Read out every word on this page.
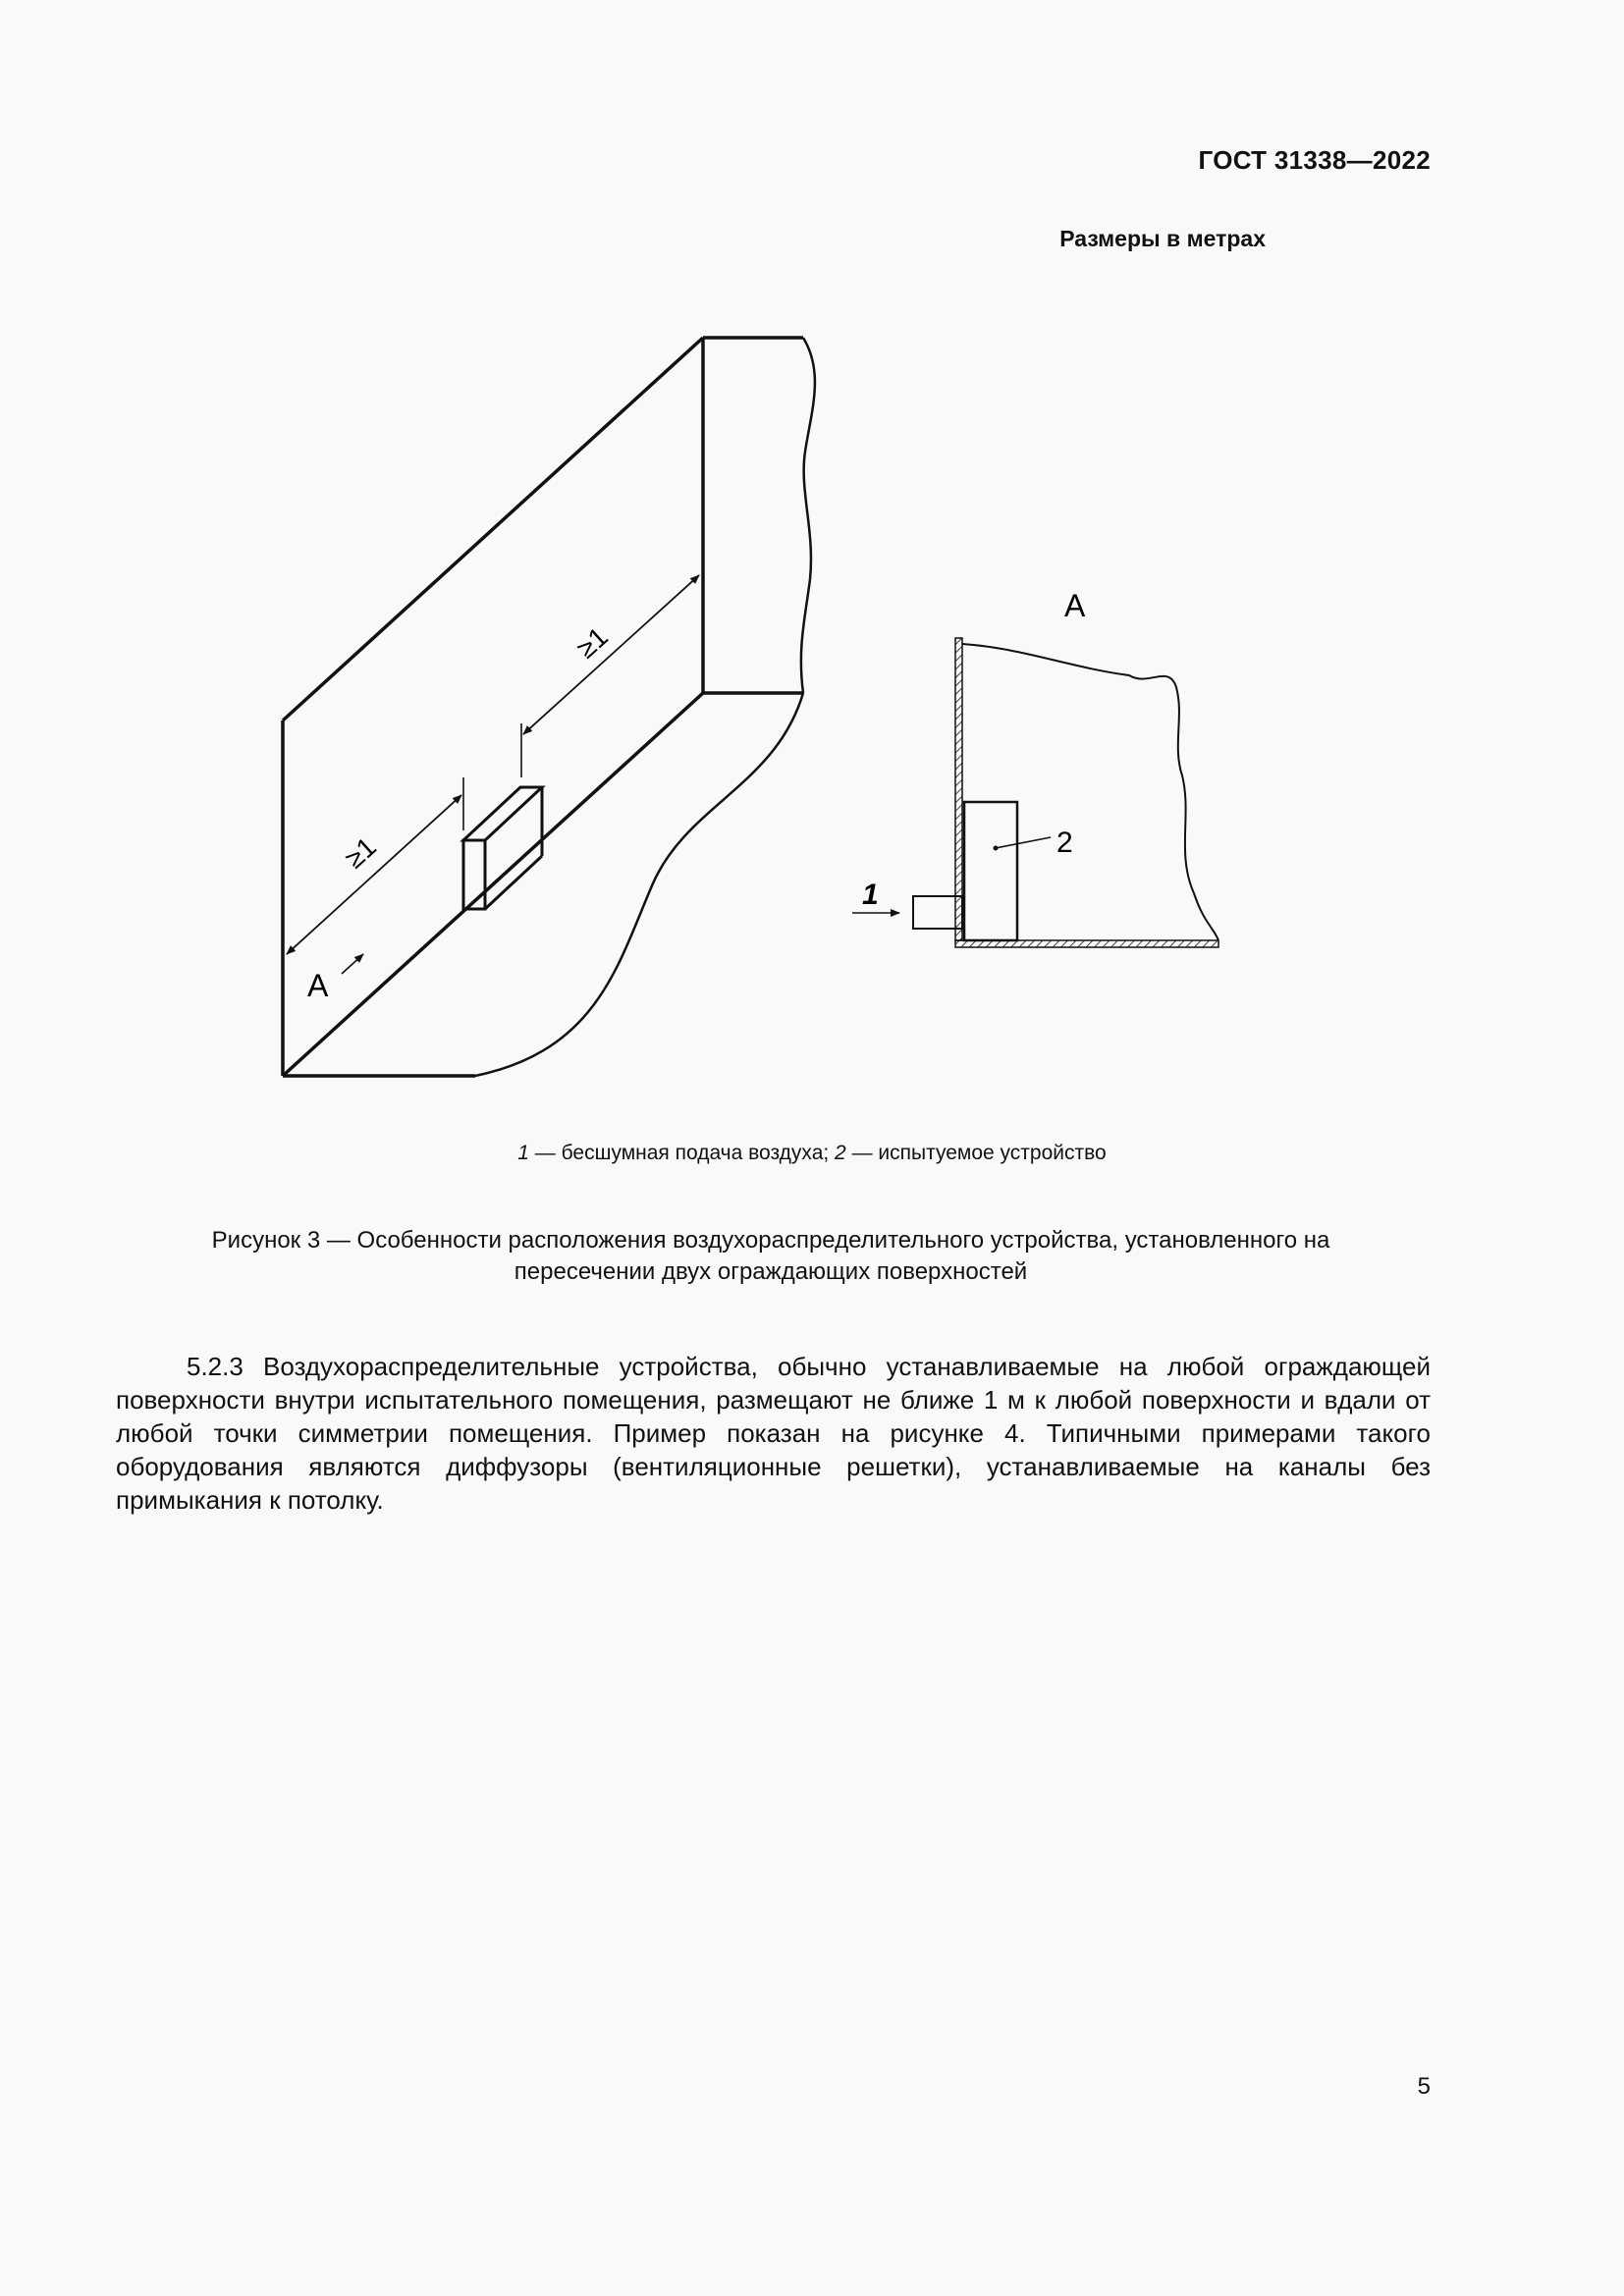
ГОСТ 31338—2022
Размеры в метрах
≥1
≥1
А
А
1
2
1 — бесшумная подача воздуха; 2 — испытуемое устройство
Рисунок 3 — Особенности расположения воздухораспределительного устройства, установленного на пересечении двух ограждающих поверхностей

5.2.3 Воздухораспределительные устройства, обычно устанавливаемые на любой ограждающей поверхности внутри испытательного помещения, размещают не ближе 1 м к любой поверхности и вдали от любой точки симметрии помещения. Пример показан на рисунке 4. Типичными примерами такого оборудования являются диффузоры (вентиляционные решетки), устанавливаемые на каналы без примыкания к потолку.

5
